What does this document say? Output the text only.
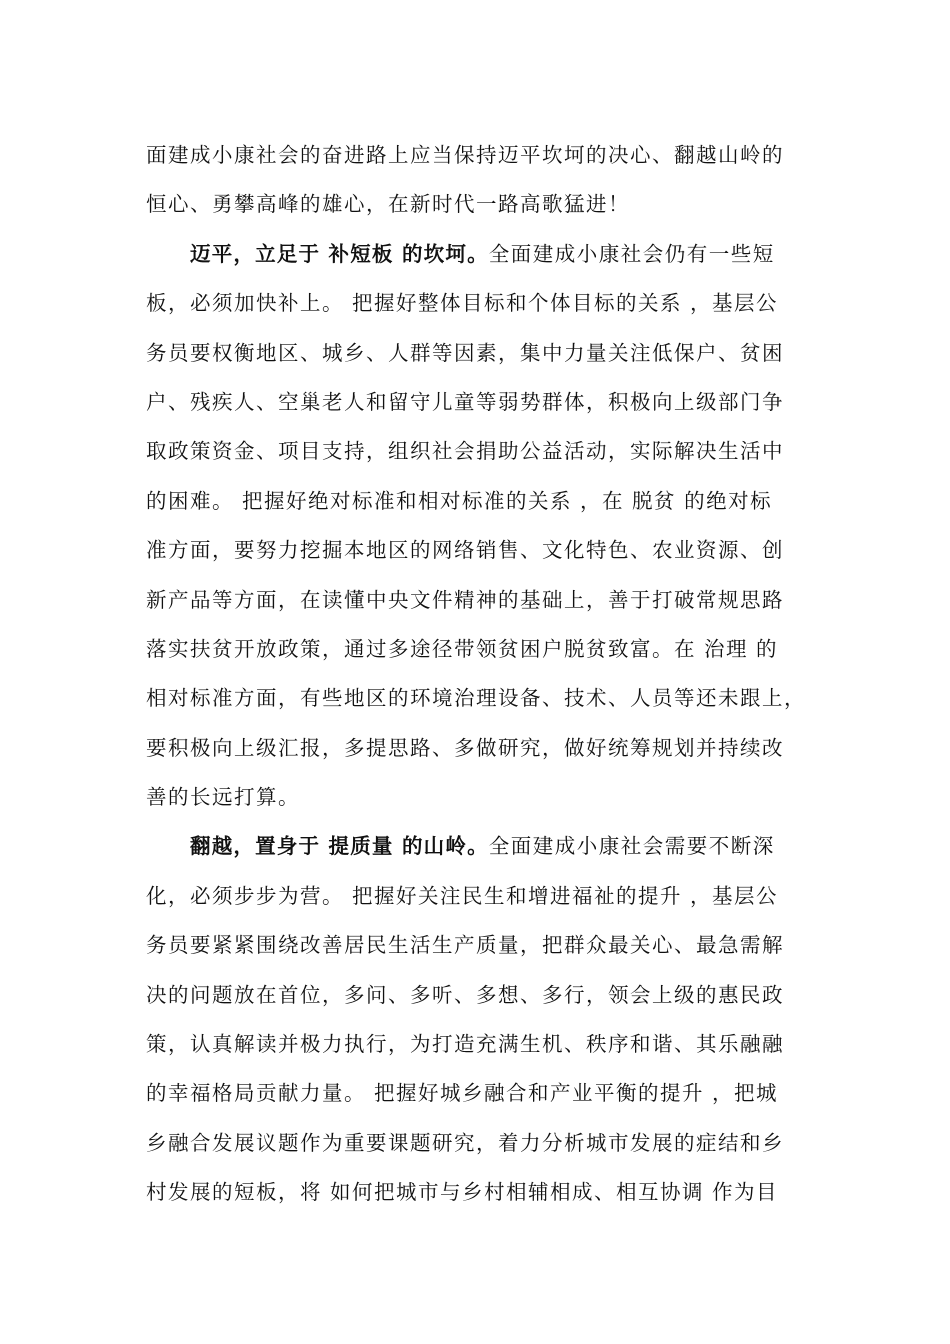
面建成小康社会的奋进路上应当保持迈平坎坷的决心、翻越山岭的
恒心、勇攀高峰的雄心，在新时代一路高歌猛进！
迈平，立足于 补短板 的坎坷。全面建成小康社会仍有一些短
板，必须加快补上。 把握好整体目标和个体目标的关系 ，基层公
务员要权衡地区、城乡、人群等因素，集中力量关注低保户、贫困
户、残疾人、空巢老人和留守儿童等弱势群体，积极向上级部门争
取政策资金、项目支持，组织社会捐助公益活动，实际解决生活中
的困难。 把握好绝对标准和相对标准的关系 ，在 脱贫 的绝对标
准方面，要努力挖掘本地区的网络销售、文化特色、农业资源、创
新产品等方面，在读懂中央文件精神的基础上，善于打破常规思路
落实扶贫开放政策，通过多途径带领贫困户脱贫致富。在 治理 的
相对标准方面，有些地区的环境治理设备、技术、人员等还未跟上，
要积极向上级汇报，多提思路、多做研究，做好统筹规划并持续改
善的长远打算。
翻越，置身于 提质量 的山岭。全面建成小康社会需要不断深
化，必须步步为营。 把握好关注民生和增进福祉的提升 ，基层公
务员要紧紧围绕改善居民生活生产质量，把群众最关心、最急需解
决的问题放在首位，多问、多听、多想、多行，领会上级的惠民政
策，认真解读并极力执行，为打造充满生机、秩序和谐、其乐融融
的幸福格局贡献力量。 把握好城乡融合和产业平衡的提升 ，把城
乡融合发展议题作为重要课题研究，着力分析城市发展的症结和乡
村发展的短板，将 如何把城市与乡村相辅相成、相互协调 作为目
